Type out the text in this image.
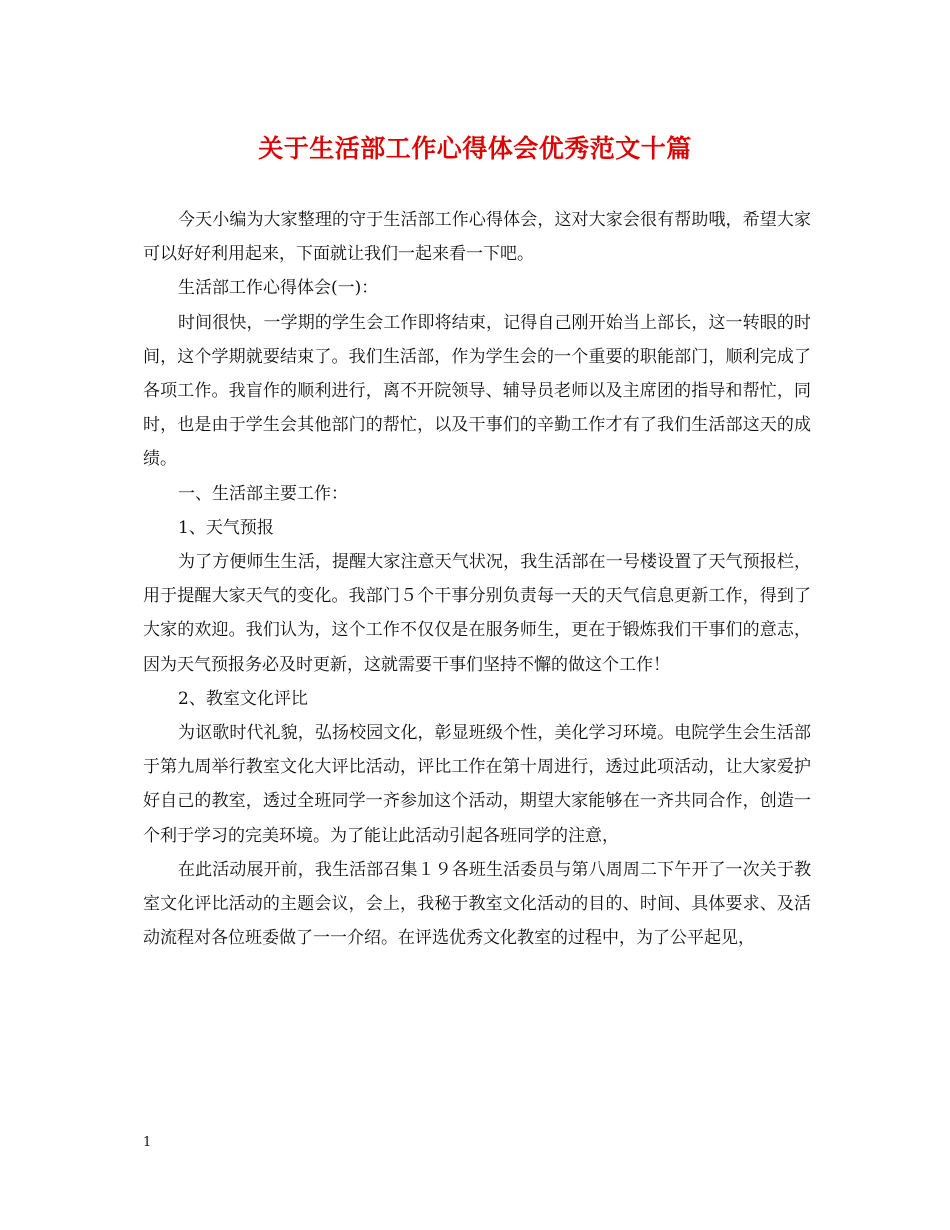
关于生活部工作心得体会优秀范文十篇

今天小编为大家整理的守于生活部工作心得体会，这对大家会很有帮助哦，希望大家可以好好利用起来，下面就让我们一起来看一下吧。

生活部工作心得体会(一)：

时间很快，一学期的学生会工作即将结束，记得自己刚开始当上部长，这一转眼的时间，这个学期就要结束了。我们生活部，作为学生会的一个重要的职能部门，顺利完成了各项工作。我盲作的顺利进行，离不开院领导、辅导员老师以及主席团的指导和帮忙，同时，也是由于学生会其他部门的帮忙，以及干事们的辛勤工作才有了我们生活部这天的成绩。

一、生活部主要工作：

1、天气预报

为了方便师生生活，提醒大家注意天气状况，我生活部在一号楼设置了天气预报栏，用于提醒大家天气的变化。我部门５个干事分别负责每一天的天气信息更新工作，得到了大家的欢迎。我们认为，这个工作不仅仅是在服务师生，更在于锻炼我们干事们的意志，因为天气预报务必及时更新，这就需要干事们坚持不懈的做这个工作！

2、教室文化评比

为讴歌时代礼貌，弘扬校园文化，彰显班级个性，美化学习环境。电院学生会生活部于第九周举行教室文化大评比活动，评比工作在第十周进行，透过此项活动，让大家爱护好自己的教室，透过全班同学一齐参加这个活动，期望大家能够在一齐共同合作，创造一个利于学习的完美环境。为了能让此活动引起各班同学的注意，

在此活动展开前，我生活部召集１９各班生活委员与第八周周二下午开了一次关于教室文化评比活动的主题会议，会上，我秘于教室文化活动的目的、时间、具体要求、及活动流程对各位班委做了一一介绍。在评选优秀文化教室的过程中，为了公平起见，

1
